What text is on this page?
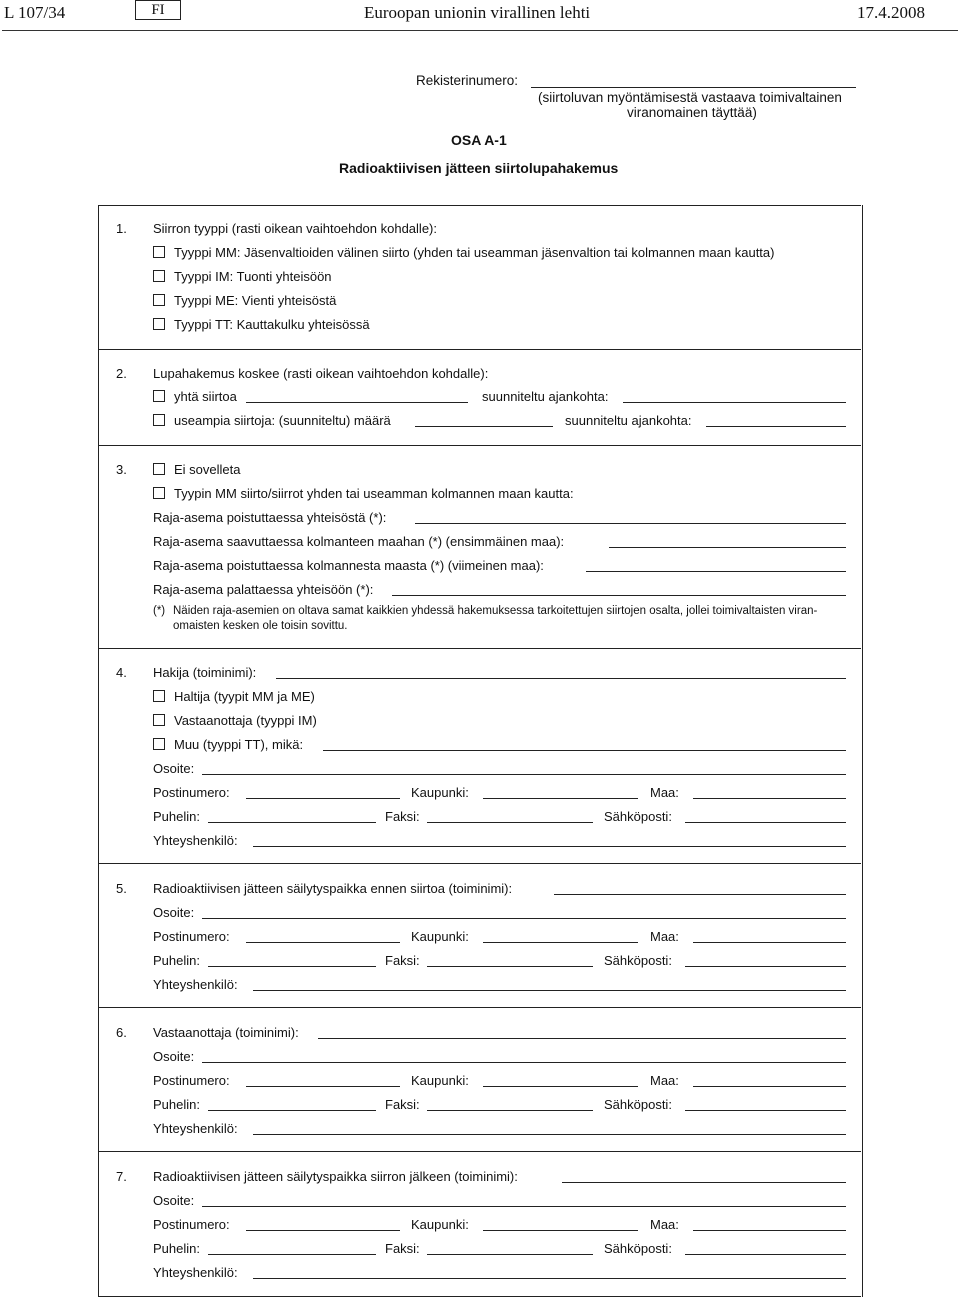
L 107/34	FI	Euroopan unionin virallinen lehti	17.4.2008
Rekisterinumero:
(siirtoluvan myöntämisestä vastaava toimivaltainen
viranomainen täyttää)
OSA A-1
Radioaktiivisen jätteen siirtolupahakemus
1. Siirron tyyppi (rasti oikean vaihtoehdon kohdalle):
Tyyppi MM: Jäsenvaltioiden välinen siirto (yhden tai useamman jäsenvaltion tai kolmannen maan kautta)
Tyyppi IM: Tuonti yhteisöön
Tyyppi ME: Vienti yhteisöstä
Tyyppi TT: Kauttakulku yhteisössä
2. Lupahakemus koskee (rasti oikean vaihtoehdon kohdalle):
yhtä siirtoa	suunniteltu ajankohta:
useampia siirtoja: (suunniteltu) määrä	suunniteltu ajankohta:
3.	Ei sovelleta
Tyypin MM siirto/siirrot yhden tai useamman kolmannen maan kautta:
Raja-asema poistuttaessa yhteisöstä (*):
Raja-asema saavuttaessa kolmanteen maahan (*) (ensimmäinen maa):
Raja-asema poistuttaessa kolmannesta maasta (*) (viimeinen maa):
Raja-asema palattaessa yhteisöön (*):
(*) Näiden raja-asemien on oltava samat kaikkien yhdessä hakemuksessa tarkoitettujen siirtojen osalta, jollei toimivaltaisten viran-
omaisten kesken ole toisin sovittu.
4. Hakija (toiminimi):
Haltija (tyypit MM ja ME)
Vastaanottaja (tyyppi IM)
Muu (tyyppi TT), mikä:
Osoite:
Postinumero:	Kaupunki:	Maa:
Puhelin:	Faksi:	Sähköposti:
Yhteyshenkilö:
5. Radioaktiivisen jätteen säilytyspaikka ennen siirtoa (toiminimi):
Osoite:
Postinumero:	Kaupunki:	Maa:
Puhelin:	Faksi:	Sähköposti:
Yhteyshenkilö:
6. Vastaanottaja (toiminimi):
Osoite:
Postinumero:	Kaupunki:	Maa:
Puhelin:	Faksi:	Sähköposti:
Yhteyshenkilö:
7. Radioaktiivisen jätteen säilytyspaikka siirron jälkeen (toiminimi):
Osoite:
Postinumero:	Kaupunki:	Maa:
Puhelin:	Faksi:	Sähköposti:
Yhteyshenkilö:
